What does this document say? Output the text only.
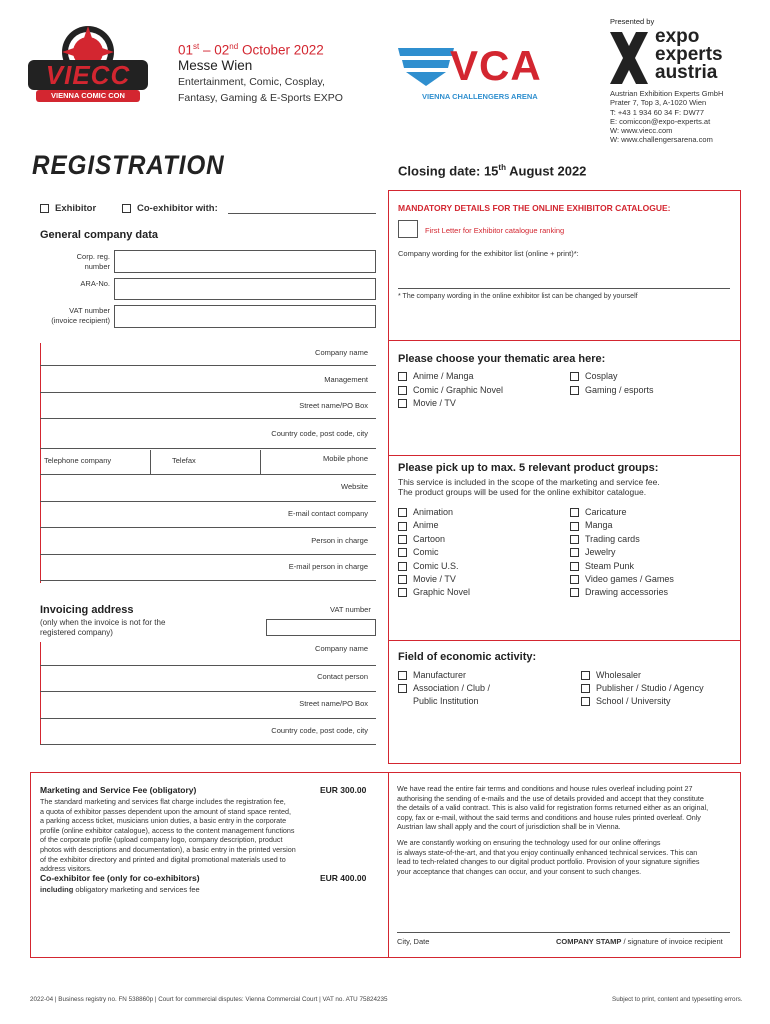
Presented by
VIECC
VIENNA COMIC CON
01st – 02nd October 2022
Messe Wien
Entertainment, Comic, Cosplay,
Fantasy, Gaming & E-Sports EXPO
VCA
VIENNA CHALLENGERS ARENA
expo
experts
austria
Austrian Exhibition Experts GmbH
Prater 7, Top 3, A-1020 Wien
T: +43 1 934 60 34 F: DW77
E: comiccon@expo-experts.at
W: www.viecc.com
W: www.challengersarena.com
REGISTRATION	Closing date: 15th August 2022
Exhibitor	Co-exhibitor with:
General company data
Corp. reg.
number
ARA-No.
VAT number
(invoice recipient)
Company name
Management
Street name/PO Box
Country code, post code, city
Telephone company	Telefax	Mobile phone
Website
E-mail contact company
Person in charge
E-mail person in charge
Invoicing address
(only when the invoice is not for the
registered company)
VAT number
Company name
Contact person
Street name/PO Box
Country code, post code, city
MANDATORY DETAILS FOR THE ONLINE EXHIBITOR CATALOGUE:
First Letter for Exhibitor catalogue ranking
Company wording for the exhibitor list (online + print)*:
* The company wording in the online exhibitor list can be changed by yourself
Please choose your thematic area here:
Anime / Manga
Comic / Graphic Novel
Movie / TV
Cosplay
Gaming / esports
Please pick up to max. 5 relevant product groups:
This service is included in the scope of the marketing and service fee.
The product groups will be used for the online exhibitor catalogue.
Animation
Anime
Cartoon
Comic
Comic U.S.
Movie / TV
Graphic Novel
Caricature
Manga
Trading cards
Jewelry
Steam Punk
Video games / Games
Drawing accessories
Field of economic activity:
Manufacturer
Association / Club /
Public Institution
Wholesaler
Publisher / Studio / Agency
School / University
Marketing and Service Fee (obligatory)	EUR 300.00
The standard marketing and services flat charge includes the registration fee,
a quota of exhibitor passes dependent upon the amount of stand space rented,
a parking access ticket, musicians union duties, a basic entry in the corporate
profile (online exhibitor catalogue), access to the content management functions
of the corporate profile (upload company logo, company description, product
photos with descriptions and documentation), a basic entry in the printed version
of the exhibitor directory and printed and digital promotional materials used to
address visitors.
Co-exhibitor fee (only for co-exhibitors)	EUR 400.00
including obligatory marketing and services fee
We have read the entire fair terms and conditions and house rules overleaf including point 27
authorising the sending of e-mails and the use of details provided and accept that they constitute
the details of a valid contract. This is also valid for registration forms returned either as an original,
copy, fax or e-mail, without the said terms and conditions and house rules printed overleaf. Only
Austrian law shall apply and the court of jurisdiction shall be in Vienna.
We are constantly working on ensuring the technology used for our online offerings
is always state-of-the-art, and that you enjoy continually enhanced technical services. This can
lead to tech-related changes to our digital product portfolio. Provision of your signature signifies
your acceptance that changes can occur, and your consent to such changes.
City, Date	COMPANY STAMP / signature of invoice recipient
2022-04 | Business registry no. FN 538860p | Court for commercial disputes: Vienna Commercial Court | VAT no. ATU 75824235	Subject to print, content and typesetting errors.
